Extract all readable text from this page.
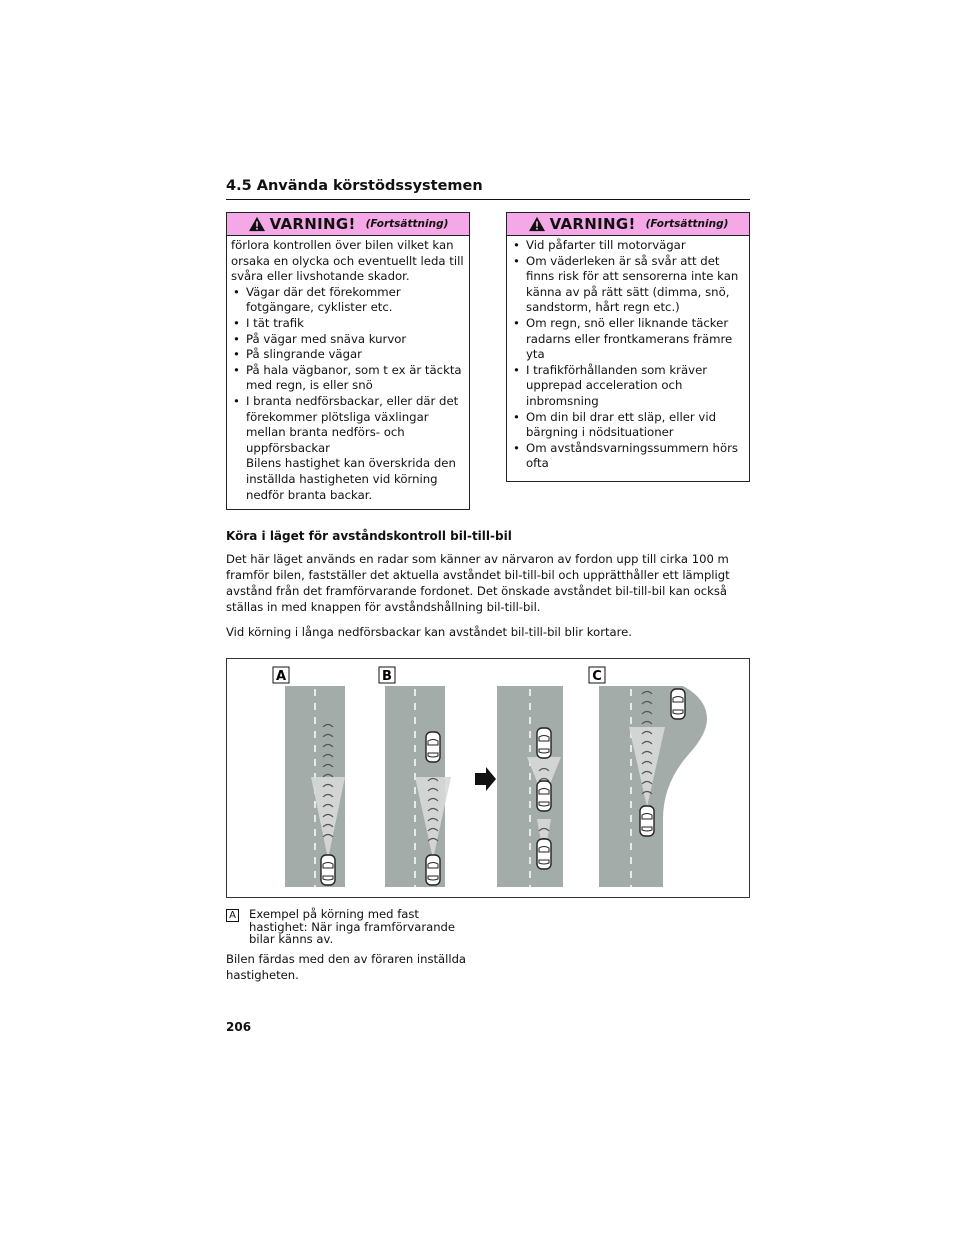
4.5 Använda körstödssystemen
VARNING! (Fortsättning)

förlora kontrollen över bilen vilket kan orsaka en olycka och eventuellt leda till svåra eller livshotande skador.

• Vägar där det förekommer fotgängare, cyklister etc.
• I tät trafik
• På vägar med snäva kurvor
• På slingrande vägar
• På hala vägbanor, som t ex är täckta med regn, is eller snö
• I branta nedförsbackar, eller där det förekommer plötsliga växlingar mellan branta nedförs- och uppförsbackar
Bilens hastighet kan överskrida den inställda hastigheten vid körning nedför branta backar.
VARNING! (Fortsättning)
• Vid påfarter till motorvägar
• Om väderleken är så svår att det finns risk för att sensorerna inte kan känna av på rätt sätt (dimma, snö, sandstorm, hårt regn etc.)
• Om regn, snö eller liknande täcker radarns eller frontkamerans främre yta
• I trafikförhållanden som kräver upprepad acceleration och inbromsning
• Om din bil drar ett släp, eller vid bärgning i nödsituationer
• Om avståndsvarningssummern hörs ofta
Köra i läget för avståndskontroll bil-till-bil

Det här läget används en radar som känner av närvaron av fordon upp till cirka 100 m framför bilen, fastställer det aktuella avståndet bil-till-bil och upprätthåller ett lämpligt avstånd från det framförvarande fordonet. Det önskade avståndet bil-till-bil kan också ställas in med knappen för avståndshållning bil-till-bil.

Vid körning i långa nedförsbackar kan avståndet bil-till-bil blir kortare.

A	B	C
A	Exempel på körning med fast hastighet: När inga framförvarande bilar känns av.

Bilen färdas med den av föraren inställda hastigheten.

206
